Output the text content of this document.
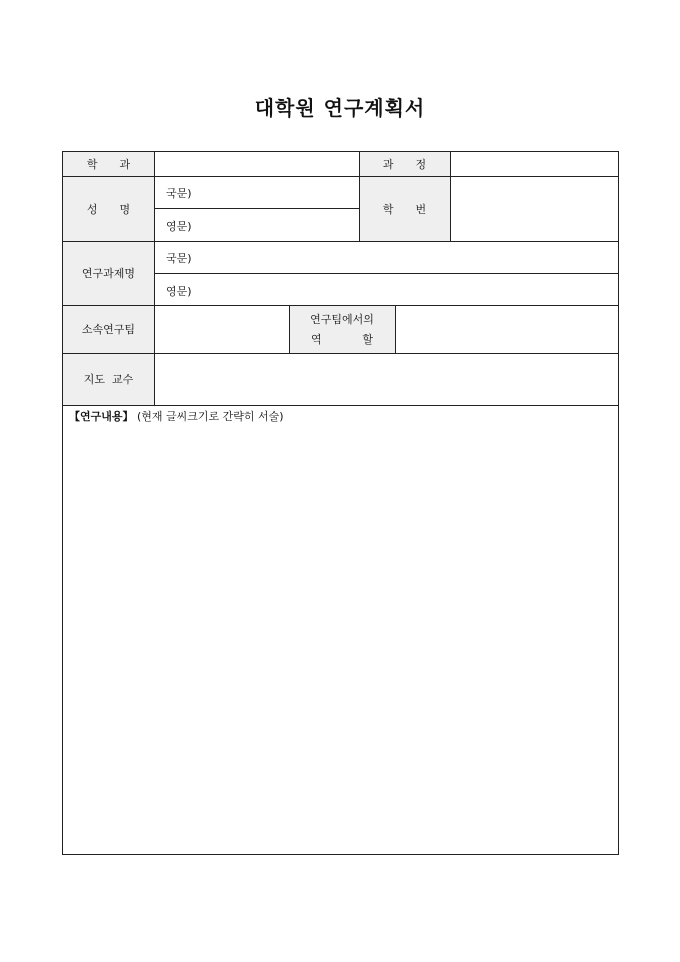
대학원 연구계획서
학 과	과 정
성 명
국문)
영문)
학 번
연구과제명
국문)
영문)
소속연구팀
연구팀에서의
역	할
지도  교수
【연구내용】 (현재 글씨크기로 간략히 서술)
